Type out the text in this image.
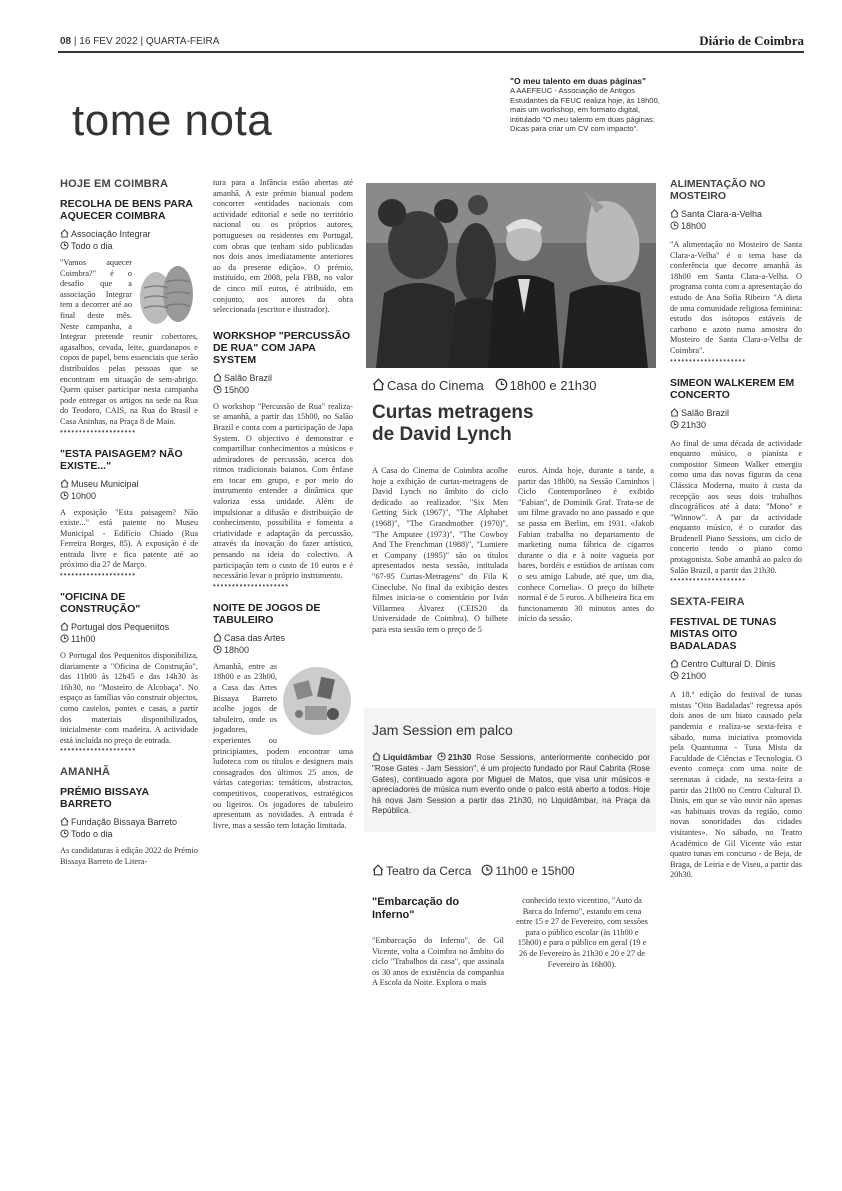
08 | 16 FEV 2022 | QUARTA-FEIRA	Diário de Coimbra
tome nota
"O meu talento em duas páginas"
A AAEFEUC - Associação de Antigos Estudantes da FEUC realiza hoje, às 18h00, mais um workshop, em formato digital, intitulado "O meu talento em duas páginas: Dicas para criar um CV com impacto".
HOJE EM COIMBRA
RECOLHA DE BENS PARA AQUECER COIMBRA
Associação Integrar
Todo o dia
"Vamos aquecer Coimbra?" é o desafio que a associação Integrar tem a decorrer até ao final deste mês. Neste campanha, a Integrar pretende reunir cobertores, agasalhos, cevada, leite, guardanapos e copos de papel, bens essenciais que serão distribuídos pelas pessoas que se encontram em situação de sem-abrigo. Quem quiser participar nesta campanha pode entregar os artigos na sede na Rua do Teodoro, CAIS, na Rua do Brasil e Casa Aninhas, na Praça 8 de Maio.
••••••••••••••••••••
"ESTA PAISAGEM? NÃO EXISTE..."
Museu Municipal
10h00
A exposição "Esta paisagem? Não existe..." está patente no Museu Municipal - Edifício Chiado (Rua Ferreira Borges, 85). A exposição é de entrada livre e fica patente até ao próximo dia 27 de Março.
••••••••••••••••••••
"OFICINA DE CONSTRUÇÃO"
Portugal dos Pequenitos
11h00
O Portugal dos Pequenitos disponibiliza, diariamente a "Oficina de Construção", das 11h00 às 12h45 e das 14h30 às 16h30, no "Mosteiro de Alcobaça". No espaço as famílias vão construir objectos, como castelos, pontes e casas, a partir dos materiais disponibilizados, inicialmente com madeira. A actividade está incluída no preço de entrada.
••••••••••••••••••••
AMANHÃ
PRÉMIO BISSAYA BARRETO
Fundação Bissaya Barreto
Todo o dia
As candidaturas à edição 2022 do Prémio Bissaya Barreto de Litera-
tura para a Infância estão abertas até amanhã. A este prémio bianual podem concorrer «entidades nacionais com actividade editorial e sede no território nacional ou os próprios autores, portugueses ou residentes em Portugal, com obras que tenham sido publicadas nos dois anos imediatamente anteriores ao da presente edição». O prémio, instituído, em 2008, pela FBB, no valor de cinco mil euros, é atribuído, em conjunto, aos autores da obra seleccionada (escritor e ilustrador).
WORKSHOP "PERCUSSÃO DE RUA" COM JAPA SYSTEM
Salão Brazil
15h00
O workshop "Percussão de Rua" realiza-se amanhã, a partir das 15h00, no Salão Brazil e conta com a participação de Japa System. O objectivo é demonstrar e compartilhar conhecimentos a músicos e admiradores de percussão, acerca dos ritmos tradicionais baianos. Com ênfase em tocar em grupo, e por meio do instrumento entender a dinâmica que valoriza essa unidade. Além de impulsionar a difusão e distribuição de conhecimento, possibilita e fomenta a criatividade e adaptação da percussão, através da inovação do fazer artístico, pensando na ideia do colectivo. A participação tem o custo de 10 euros e é necessário levar o próprio instrumento.
••••••••••••••••••••
NOITE DE JOGOS DE TABULEIRO
Casa das Artes
18h00
Amanhã, entre as 18h00 e as 23h00, a Casa das Artes Bissaya Barreto acolhe jogos de tabuleiro, onde os jogadores, experientes ou principiantes, podem encontrar uma ludoteca com os títulos e designers mais consagrados dos últimos 25 anos, de várias categorias: temáticos, abstractos, competitivos, cooperativos, estratégicos ou ligeiros. Os jogadores de tabuleiro apresentam as novidades. A entrada é livre, mas a sessão tem lotação limitada.
Casa do Cinema 18h00 e 21h30
Curtas metragens
de David Lynch
A Casa do Cinema de Coimbra acolhe hoje a exibição de curtas-metragens de David Lynch no âmbito do ciclo dedicado ao realizador. "Six Men Getting Sick (1967)", "The Alphabet (1968)", "The Grandmother (1970)", "The Amputee (1973)", "The Cowboy And The Frenchman (1988)", "Lumiere et Company (1995)" são os títulos apresentados nesta sessão, intitulada "67-95 Curtas-Metragens" do Fila K Cineclube. No final da exibição destes filmes inicia-se o comentário por Iván Villarmea Álvarez (CEIS20 da Universidade de Coimbra). O bilhete para esta sessão tem o preço de 5
euros. Ainda hoje, durante a tarde, a partir das 18h00, na Sessão Caminhos | Ciclo Contemporâneo é exibido "Fabian", de Dominik Graf. Trata-se de um filme gravado no ano passado e que se passa em Berlim, em 1931. «Jakob Fabian trabalha no departamento de marketing numa fábrica de cigarros durante o dia e à noite vagueia por bares, bordéis e estúdios de artistas com o seu amigo Labude, até que, um dia, conhece Cornelia». O preço do bilhete normal é de 5 euros. A bilheteira fica em funcionamento 30 minutos antes do início da sessão.
Jam Session em palco
Liquidâmbar 21h30 Rose Sessions, anteriormente conhecido por "Rose Gates - Jam Session", é um projecto fundado por Raul Cabrita (Rose Gates), continuado agora por Miguel de Matos, que visa unir músicos e apreciadores de música num evento onde o palco está aberto a todos. Hoje há nova Jam Session a partir das 21h30, no Liquidâmbar, na Praça da República.
Teatro da Cerca 11h00 e 15h00
"Embarcação do Inferno"
"Embarcação do Inferno", de Gil Vicente, volta a Coimbra no âmbito do ciclo "Trabalhos da casa", que assinala os 30 anos de existência da companhia A Escola da Noite. Explora o mais
conhecido texto vicentino, "Auto da Barca do Inferno", estando em cena entre 15 e 27 de Fevereiro, com sessões para o público escolar (às 11h00 e 15h00) e para o público em geral (19 e 26 de Fevereiro às 21h30 e 20 e 27 de Fevereiro às 16h00).
ALIMENTAÇÃO NO MOSTEIRO
Santa Clara-a-Velha
18h00
"A alimentação no Mosteiro de Santa Clara-a-Velha" é o tema base da conferência que decorre amanhã às 18h00 em Santa Clara-a-Velha. O programa conta com a apresentação do estudo de Ana Sofia Ribeiro "A dieta de uma comunidade religiosa feminina: estudo dos isótopos estáveis de carbono e azoto numa amostra do Mosteiro de Santa Clara-a-Velha de Coimbra".
••••••••••••••••••••
SIMEON WALKEREM EM CONCERTO
Salão Brazil
21h30
Ao final de uma década de actividade enquanto músico, o pianista e compositor Simeon Walker emergiu como uma das novas figuras da cena Clássica Moderna, muito à custa da recepção aos seus dois trabalhos discográficos até à data: "Mono" e "Winnow". A par da actividade enquanto músico, é o curador das Brudenell Piano Sessions, um ciclo de concerto tendo o piano como protagonista. Sobe amanhã ao palco do Salão Brazil, a partir das 21h30.
••••••••••••••••••••
SEXTA-FEIRA
FESTIVAL DE TUNAS MISTAS OITO BADALADAS
Centro Cultural D. Dinis
21h00
A 18.ª edição do festival de tunas mistas "Oito Badaladas" regressa após dois anos de um hiato causado pela pandemia e realiza-se sexta-feira e sábado, numa iniciativa promovida pela Quantunna - Tuna Mista da Faculdade de Ciências e Tecnologia. O evento começa com uma noite de serenatas à cidade, na sexta-feira a partir das 21h00 no Centro Cultural D. Dinis, em que se vão ouvir não apenas «as habituais trovas da região, como novas sonoridades das cidades visitantes». No sábado, no Teatro Académico de Gil Vicente vão estar quatro tunas em concurso - de Beja, de Braga, de Leiria e de Viseu, a partir das 20h30.
